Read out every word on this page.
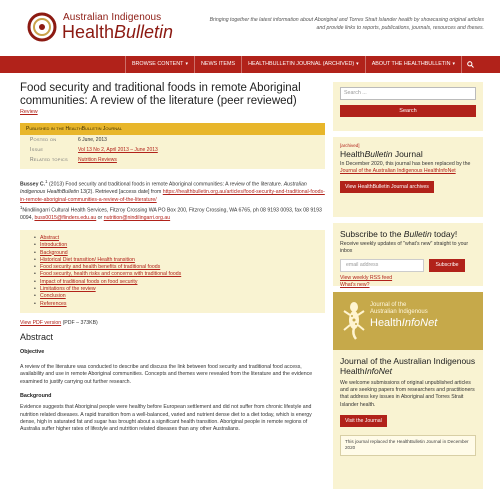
Australian Indigenous
HealthBulletin
Bringing together the latest information about Aboriginal and Torres Strait Islander health by showcasing original articles and provide links to reports, publications, journals, resources and theses.
BROWSE CONTENT ▾	NEWS ITEMS	HEALTHBULLETIN JOURNAL (ARCHIVED) ▾	ABOUT THE HEALTHBULLETIN ▾
Food security and traditional foods in remote Aboriginal communities: A review of the literature (peer reviewed)
Review
Published in the HealthBulletin Journal
Posted on	6 June, 2013
Issue	Vol 13 No 2, April 2013 – June 2013
Related topics	Nutrition Reviews
Bussey C.$^1$ (2013) Food security and traditional foods in remote Aboriginal communities: A review of the literature. Australian Indigenous HealthBulletin 13(2). Retrieved [access date] from https://healthbulletin.org.au/articles/food-security-and-traditional-foods-in-remote-aboriginal-communities-a-review-of-the-literature/
$^1$Nindilingarri Cultural Health Services, Fitzroy Crossing WA PO Box 200, Fitzroy Crossing, WA 6765, ph 08 9193 0093, fax 08 9193 0094, buss0015@flinders.edu.au or nutrition@nindilingarri.org.au
• Abstract
• Introduction
• Background
• Historical Diet transition/ Health transition
• Food security and health benefits of traditional foods
• Food security, health risks and concerns with traditional foods
• Impact of traditional foods on food security
• Limitations of the review
• Conclusion
• References
View PDF version (PDF – 373KB)
Abstract
Objective

A review of the literature was conducted to describe and discuss the link between food security and traditional food access, availability and use in remote Aboriginal communities. Concepts and themes were revealed from the literature and the evidence examined to justify carrying out further research.

Background

Evidence suggests that Aboriginal people were healthy before European settlement and did not suffer from chronic lifestyle and nutrition related diseases. A rapid transition from a well-balanced, varied and nutrient dense diet to a diet today, which is energy dense, high in saturated fat and sugar has brought about a significant health transition. Aboriginal people in remote regions of Australia suffer higher rates of lifestyle and nutrition related diseases than any other Australians.

Search ...
Search
[archived]
HealthBulletin Journal
In December 2020, this journal has been replaced by the Journal of the Australian Indigenous HealthInfoNet
View HealthBulletin Journal archives
Subscribe to the Bulletin today!
Receive weekly updates of "what's new" straight to your inbox
email address	Subscribe
View weekly RSS feed
What's new?
Journal of the
Australian Indigenous
HealthInfoNet
Journal of the Australian Indigenous HealthInfoNet
We welcome submissions of original unpublished articles and are seeking papers from researchers and practitioners that address key issues in Aboriginal and Torres Strait Islander health.
Visit the Journal
This journal replaced the HealthBulletin Journal in December 2020
